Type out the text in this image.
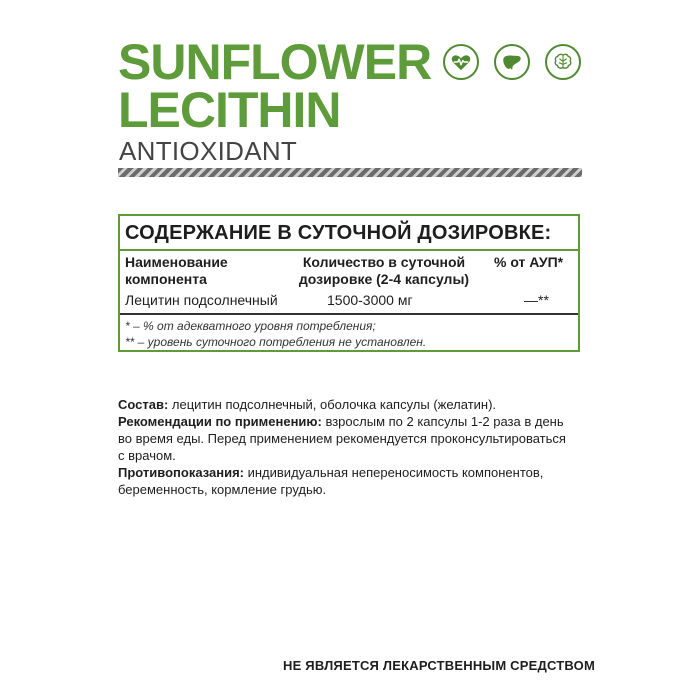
SUNFLOWER
LECITHIN
ANTIOXIDANT
СОДЕРЖАНИЕ В СУТОЧНОЙ ДОЗИРОВКЕ:
Наименование
компонента
Количество в суточной
дозировке (2-4 капсулы)
% от АУП*
Лецитин подсолнечный	1500-3000 мг	—**
* – % от адекватного уровня потребления;
** – уровень суточного потребления не установлен.

Состав: лецитин подсолнечный, оболочка капсулы (желатин).

Рекомендации по применению: взрослым по 2 капсулы 1-2 раза в день
во время еды. Перед применением рекомендуется проконсультироваться
с врачом.

Противопоказания: индивидуальная непереносимость компонентов,
беременность, кормление грудью.

НЕ ЯВЛЯЕТСЯ ЛЕКАРСТВЕННЫМ СРЕДСТВОМ
